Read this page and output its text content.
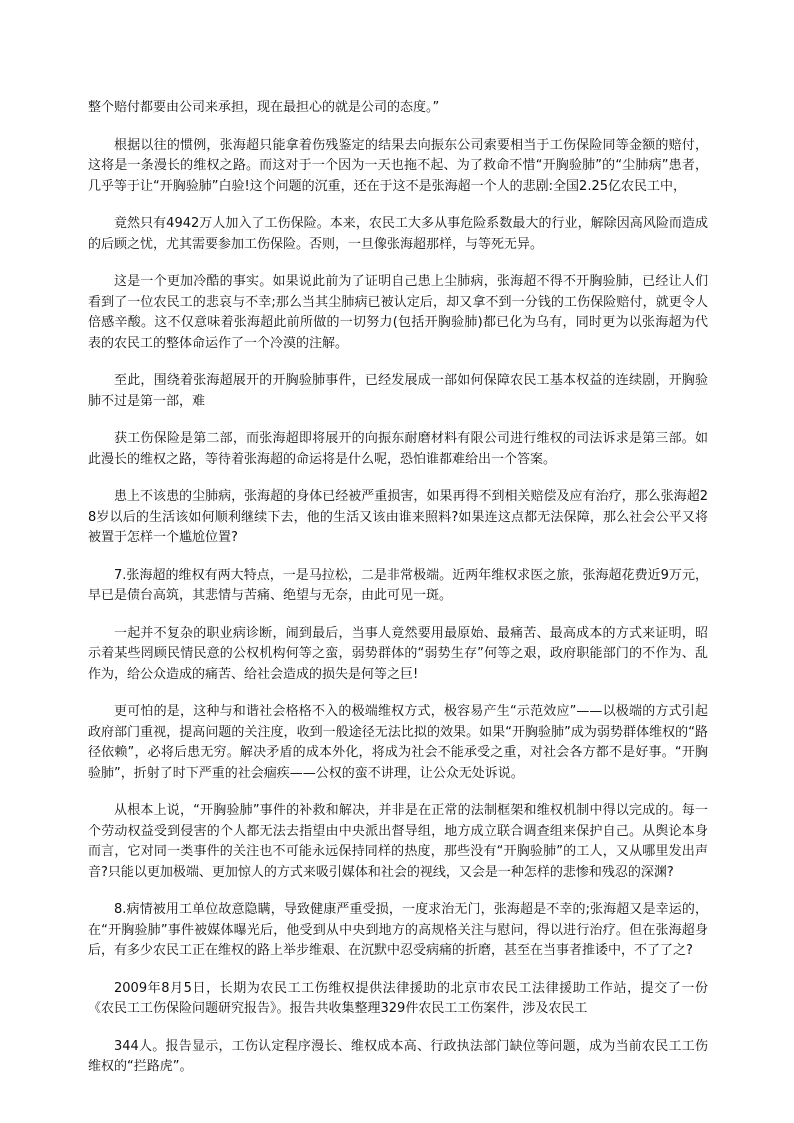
整个赔付都要由公司来承担，现在最担心的就是公司的态度。”

根据以往的惯例，张海超只能拿着伤残鉴定的结果去向振东公司索要相当于工伤保险同等金额的赔付，这将是一条漫长的维权之路。而这对于一个因为一天也拖不起、为了救命不惜“开胸验肺”的“尘肺病”患者，几乎等于让“开胸验肺”白验!这个问题的沉重，还在于这不是张海超一个人的悲剧:全国2.25亿农民工中，

竟然只有4942万人加入了工伤保险。本来，农民工大多从事危险系数最大的行业，解除因高风险而造成的后顾之忧，尤其需要参加工伤保险。否则，一旦像张海超那样，与等死无异。

这是一个更加冷酷的事实。如果说此前为了证明自己患上尘肺病，张海超不得不开胸验肺，已经让人们看到了一位农民工的悲哀与不幸;那么当其尘肺病已被认定后，却又拿不到一分钱的工伤保险赔付，就更令人倍感辛酸。这不仅意味着张海超此前所做的一切努力(包括开胸验肺)都已化为乌有，同时更为以张海超为代表的农民工的整体命运作了一个冷漠的注解。

至此，围绕着张海超展开的开胸验肺事件，已经发展成一部如何保障农民工基本权益的连续剧，开胸验肺不过是第一部，难

获工伤保险是第二部，而张海超即将展开的向振东耐磨材料有限公司进行维权的司法诉求是第三部。如此漫长的维权之路，等待着张海超的命运将是什么呢，恐怕谁都难给出一个答案。

患上不该患的尘肺病，张海超的身体已经被严重损害，如果再得不到相关赔偿及应有治疗，那么张海超28岁以后的生活该如何顺利继续下去，他的生活又该由谁来照料?如果连这点都无法保障，那么社会公平又将被置于怎样一个尴尬位置?

7.张海超的维权有两大特点，一是马拉松，二是非常极端。近两年维权求医之旅，张海超花费近9万元，早已是债台高筑，其悲情与苦痛、绝望与无奈，由此可见一斑。

一起并不复杂的职业病诊断，闹到最后，当事人竟然要用最原始、最痛苦、最高成本的方式来证明，昭示着某些罔顾民情民意的公权机构何等之蛮，弱势群体的“弱势生存”何等之艰，政府职能部门的不作为、乱作为，给公众造成的痛苦、给社会造成的损失是何等之巨!

更可怕的是，这种与和谐社会格格不入的极端维权方式，极容易产生“示范效应”——以极端的方式引起政府部门重视，提高问题的关注度，收到一般途径无法比拟的效果。如果“开胸验肺”成为弱势群体维权的“路径依赖”，必将后患无穷。解决矛盾的成本外化，将成为社会不能承受之重，对社会各方都不是好事。“开胸验肺”，折射了时下严重的社会痼疾——公权的蛮不讲理，让公众无处诉说。

从根本上说，“开胸验肺”事件的补救和解决，并非是在正常的法制框架和维权机制中得以完成的。每一个劳动权益受到侵害的个人都无法去指望由中央派出督导组，地方成立联合调查组来保护自己。从舆论本身而言，它对同一类事件的关注也不可能永远保持同样的热度，那些没有“开胸验肺”的工人，又从哪里发出声音?只能以更加极端、更加惊人的方式来吸引媒体和社会的视线，又会是一种怎样的悲惨和残忍的深渊?

8.病情被用工单位故意隐瞒，导致健康严重受损，一度求治无门，张海超是不幸的;张海超又是幸运的，在“开胸验肺”事件被媒体曝光后，他受到从中央到地方的高规格关注与慰问，得以进行治疗。但在张海超身后，有多少农民工正在维权的路上举步维艰、在沉默中忍受病痛的折磨，甚至在当事者推诿中，不了了之?

2009年8月5日，长期为农民工工伤维权提供法律援助的北京市农民工法律援助工作站，提交了一份《农民工工伤保险问题研究报告》。报告共收集整理329件农民工工伤案件，涉及农民工

344人。报告显示，工伤认定程序漫长、维权成本高、行政执法部门缺位等问题，成为当前农民工工伤维权的“拦路虎”。
